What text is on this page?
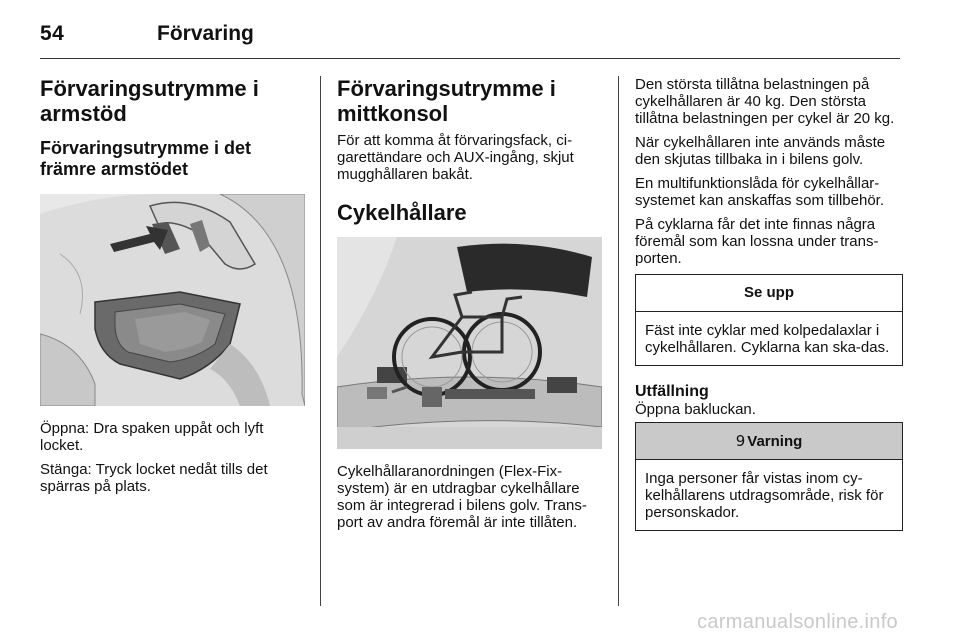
54	Förvaring
Förvaringsutrymme i armstöd
Förvaringsutrymme i det främre armstödet

Öppna: Dra spaken uppåt och lyft locket.

Stänga: Tryck locket nedåt tills det spärras på plats.

Förvaringsutrymme i mittkonsol

För att komma åt förvaringsfack, ci-garettändare och AUX-ingång, skjut mugghållaren bakåt.

Cykelhållare

Cykelhållaranordningen (Flex-Fix-system) är en utdragbar cykelhållare som är integrerad i bilens golv. Trans-port av andra föremål är inte tillåten.

Den största tillåtna belastningen på cykelhållaren är 40 kg. Den största tillåtna belastningen per cykel är 20 kg.

När cykelhållaren inte används måste den skjutas tillbaka in i bilens golv.

En multifunktionslåda för cykelhållar-systemet kan anskaffas som tillbehör.

På cyklarna får det inte finnas några föremål som kan lossna under trans-porten.

Se upp

Fäst inte cyklar med kolpedalaxlar i cykelhållaren. Cyklarna kan ska-das.

Utfällning

Öppna bakluckan.

9 Varning

Inga personer får vistas inom cy-kelhållarens utdragsområde, risk för personskador.

carmanualsonline.info
